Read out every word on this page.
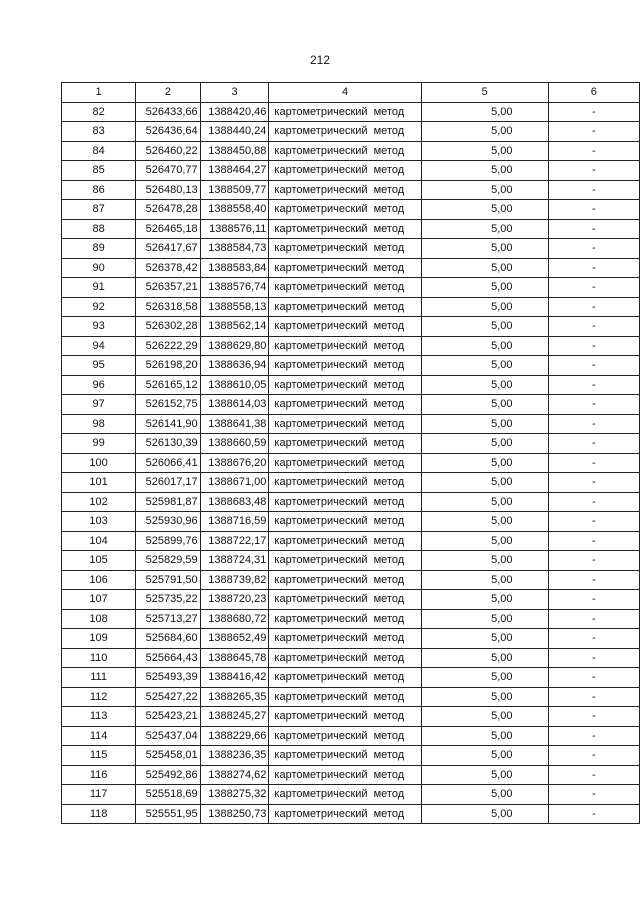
212
1	2	3	4	5	6
82	526433,66	1388420,46	картометрический метод	5,00	-
83	526436,64	1388440,24	картометрический метод	5,00	-
84	526460,22	1388450,88	картометрический метод	5,00	-
85	526470,77	1388464,27	картометрический метод	5,00	-
86	526480,13	1388509,77	картометрический метод	5,00	-
87	526478,28	1388558,40	картометрический метод	5,00	-
88	526465,18	1388576,11	картометрический метод	5,00	-
89	526417,67	1388584,73	картометрический метод	5,00	-
90	526378,42	1388583,84	картометрический метод	5,00	-
91	526357,21	1388576,74	картометрический метод	5,00	-
92	526318,58	1388558,13	картометрический метод	5,00	-
93	526302,28	1388562,14	картометрический метод	5,00	-
94	526222,29	1388629,80	картометрический метод	5,00	-
95	526198,20	1388636,94	картометрический метод	5,00	-
96	526165,12	1388610,05	картометрический метод	5,00	-
97	526152,75	1388614,03	картометрический метод	5,00	-
98	526141,90	1388641,38	картометрический метод	5,00	-
99	526130,39	1388660,59	картометрический метод	5,00	-
100	526066,41	1388676,20	картометрический метод	5,00	-
101	526017,17	1388671,00	картометрический метод	5,00	-
102	525981,87	1388683,48	картометрический метод	5,00	-
103	525930,96	1388716,59	картометрический метод	5,00	-
104	525899,76	1388722,17	картометрический метод	5,00	-
105	525829,59	1388724,31	картометрический метод	5,00	-
106	525791,50	1388739,82	картометрический метод	5,00	-
107	525735,22	1388720,23	картометрический метод	5,00	-
108	525713,27	1388680,72	картометрический метод	5,00	-
109	525684,60	1388652,49	картометрический метод	5,00	-
110	525664,43	1388645,78	картометрический метод	5,00	-
111	525493,39	1388416,42	картометрический метод	5,00	-
112	525427,22	1388265,35	картометрический метод	5,00	-
113	525423,21	1388245,27	картометрический метод	5,00	-
114	525437,04	1388229,66	картометрический метод	5,00	-
115	525458,01	1388236,35	картометрический метод	5,00	-
116	525492,86	1388274,62	картометрический метод	5,00	-
117	525518,69	1388275,32	картометрический метод	5,00	-
118	525551,95	1388250,73	картометрический метод	5,00	-
